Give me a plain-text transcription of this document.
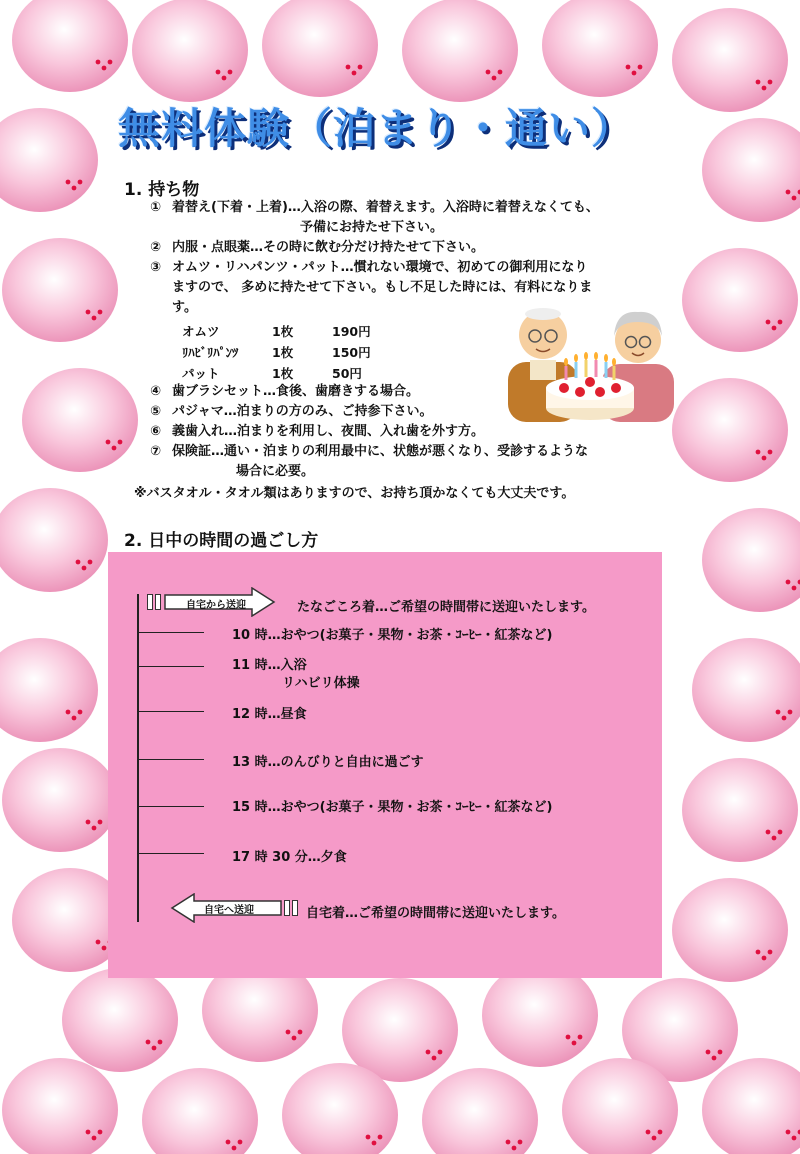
無料体験（泊まり・通い）
1. 持ち物
① 着替え(下着・上着)…入浴の際、着替えます。入浴時に着替えなくても、
予備にお持たせ下さい。
② 内服・点眼薬…その時に飲む分だけ持たせて下さい。
③ オムツ・リハパンツ・パット…慣れない環境で、初めての御利用になり
ますので、 多めに持たせて下さい。もし不足した時には、有料になりま
す。
オムツ	1枚	190円
ﾘﾊﾋﾞﾘﾊﾟﾝﾂ	1枚	150円
パット	1枚	50円
④ 歯ブラシセット…食後、歯磨きする場合。
⑤ パジャマ…泊まりの方のみ、ご持参下さい。
⑥ 義歯入れ…泊まりを利用し、夜間、入れ歯を外す方。
⑦ 保険証…通い・泊まりの利用最中に、状態が悪くなり、受診するような
場合に必要。
※バスタオル・タオル類はありますので、お持ち頂かなくても大丈夫です。
2. 日中の時間の過ごし方
自宅から送迎	たなごころ着…ご希望の時間帯に送迎いたします。
10 時…おやつ(お菓子・果物・お茶・ｺｰﾋｰ・紅茶など)
11 時…入浴
リハビリ体操
12 時…昼食
13 時…のんびりと自由に過ごす
15 時…おやつ(お菓子・果物・お茶・ｺｰﾋｰ・紅茶など)
17 時 30 分…夕食
自宅へ送迎	自宅着…ご希望の時間帯に送迎いたします。
